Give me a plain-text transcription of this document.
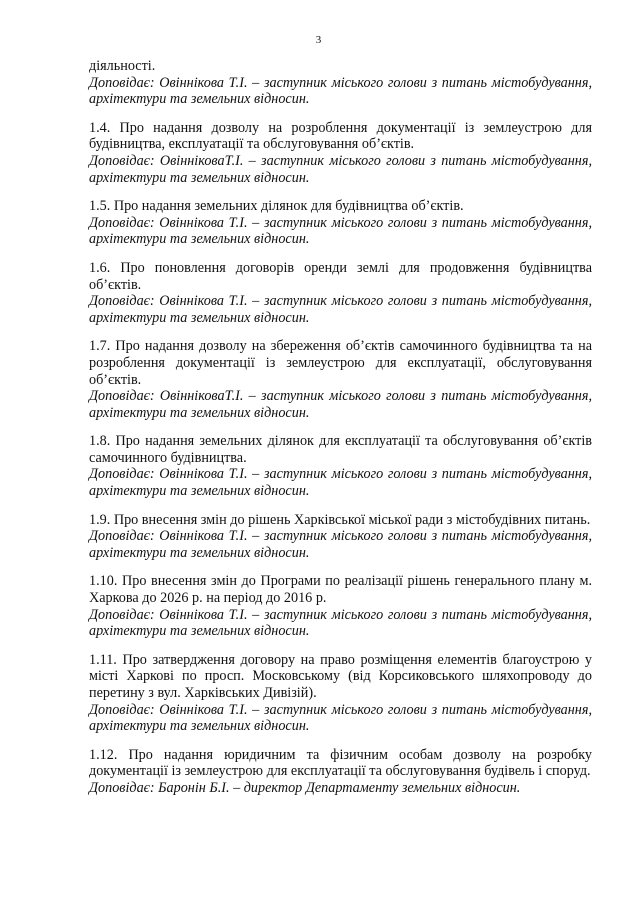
3

діяльності.

Доповідає: Овіннікова Т.І. – заступник міського голови з питань містобудування, архітектури та земельних відносин.

1.4. Про надання дозволу на розроблення документації із землеустрою для будівництва, експлуатації та обслуговування об’єктів.

Доповідає: ОвінніковаТ.І. – заступник міського голови з питань містобудування, архітектури та земельних відносин.

1.5. Про надання земельних ділянок для будівництва об’єктів.

Доповідає: Овіннікова Т.І. – заступник міського голови з питань містобудування, архітектури та земельних відносин.

1.6. Про поновлення договорів оренди землі для продовження будівництва об’єктів.

Доповідає: Овіннікова Т.І. – заступник міського голови з питань містобудування, архітектури та земельних відносин.

1.7. Про надання дозволу на збереження об’єктів самочинного будівництва та на розроблення документації із землеустрою для експлуатації, обслуговування об’єктів.

Доповідає: ОвінніковаТ.І. – заступник міського голови з питань містобудування, архітектури та земельних відносин.

1.8. Про надання земельних ділянок для експлуатації та обслуговування об’єктів самочинного будівництва.

Доповідає: Овіннікова Т.І. – заступник міського голови з питань містобудування, архітектури та земельних відносин.

1.9. Про внесення змін до рішень Харківської міської ради з містобудівних питань.

Доповідає: Овіннікова Т.І. – заступник міського голови з питань містобудування, архітектури та земельних відносин.

1.10. Про внесення змін до Програми по реалізації рішень генерального плану м. Харкова до 2026 р. на період до 2016 р.

Доповідає: Овіннікова Т.І. – заступник міського голови з питань містобудування, архітектури та земельних відносин.

1.11. Про затвердження договору на право розміщення елементів благоустрою у місті Харкові по просп. Московському (від Корсиковського шляхопроводу до перетину з вул. Харківських Дивізій).

Доповідає: Овіннікова Т.І. – заступник міського голови з питань містобудування, архітектури та земельних відносин.

1.12. Про надання юридичним та фізичним особам дозволу на розробку документації із землеустрою для експлуатації та обслуговування будівель і споруд.

Доповідає: Баронін Б.І. – директор Департаменту земельних відносин.
